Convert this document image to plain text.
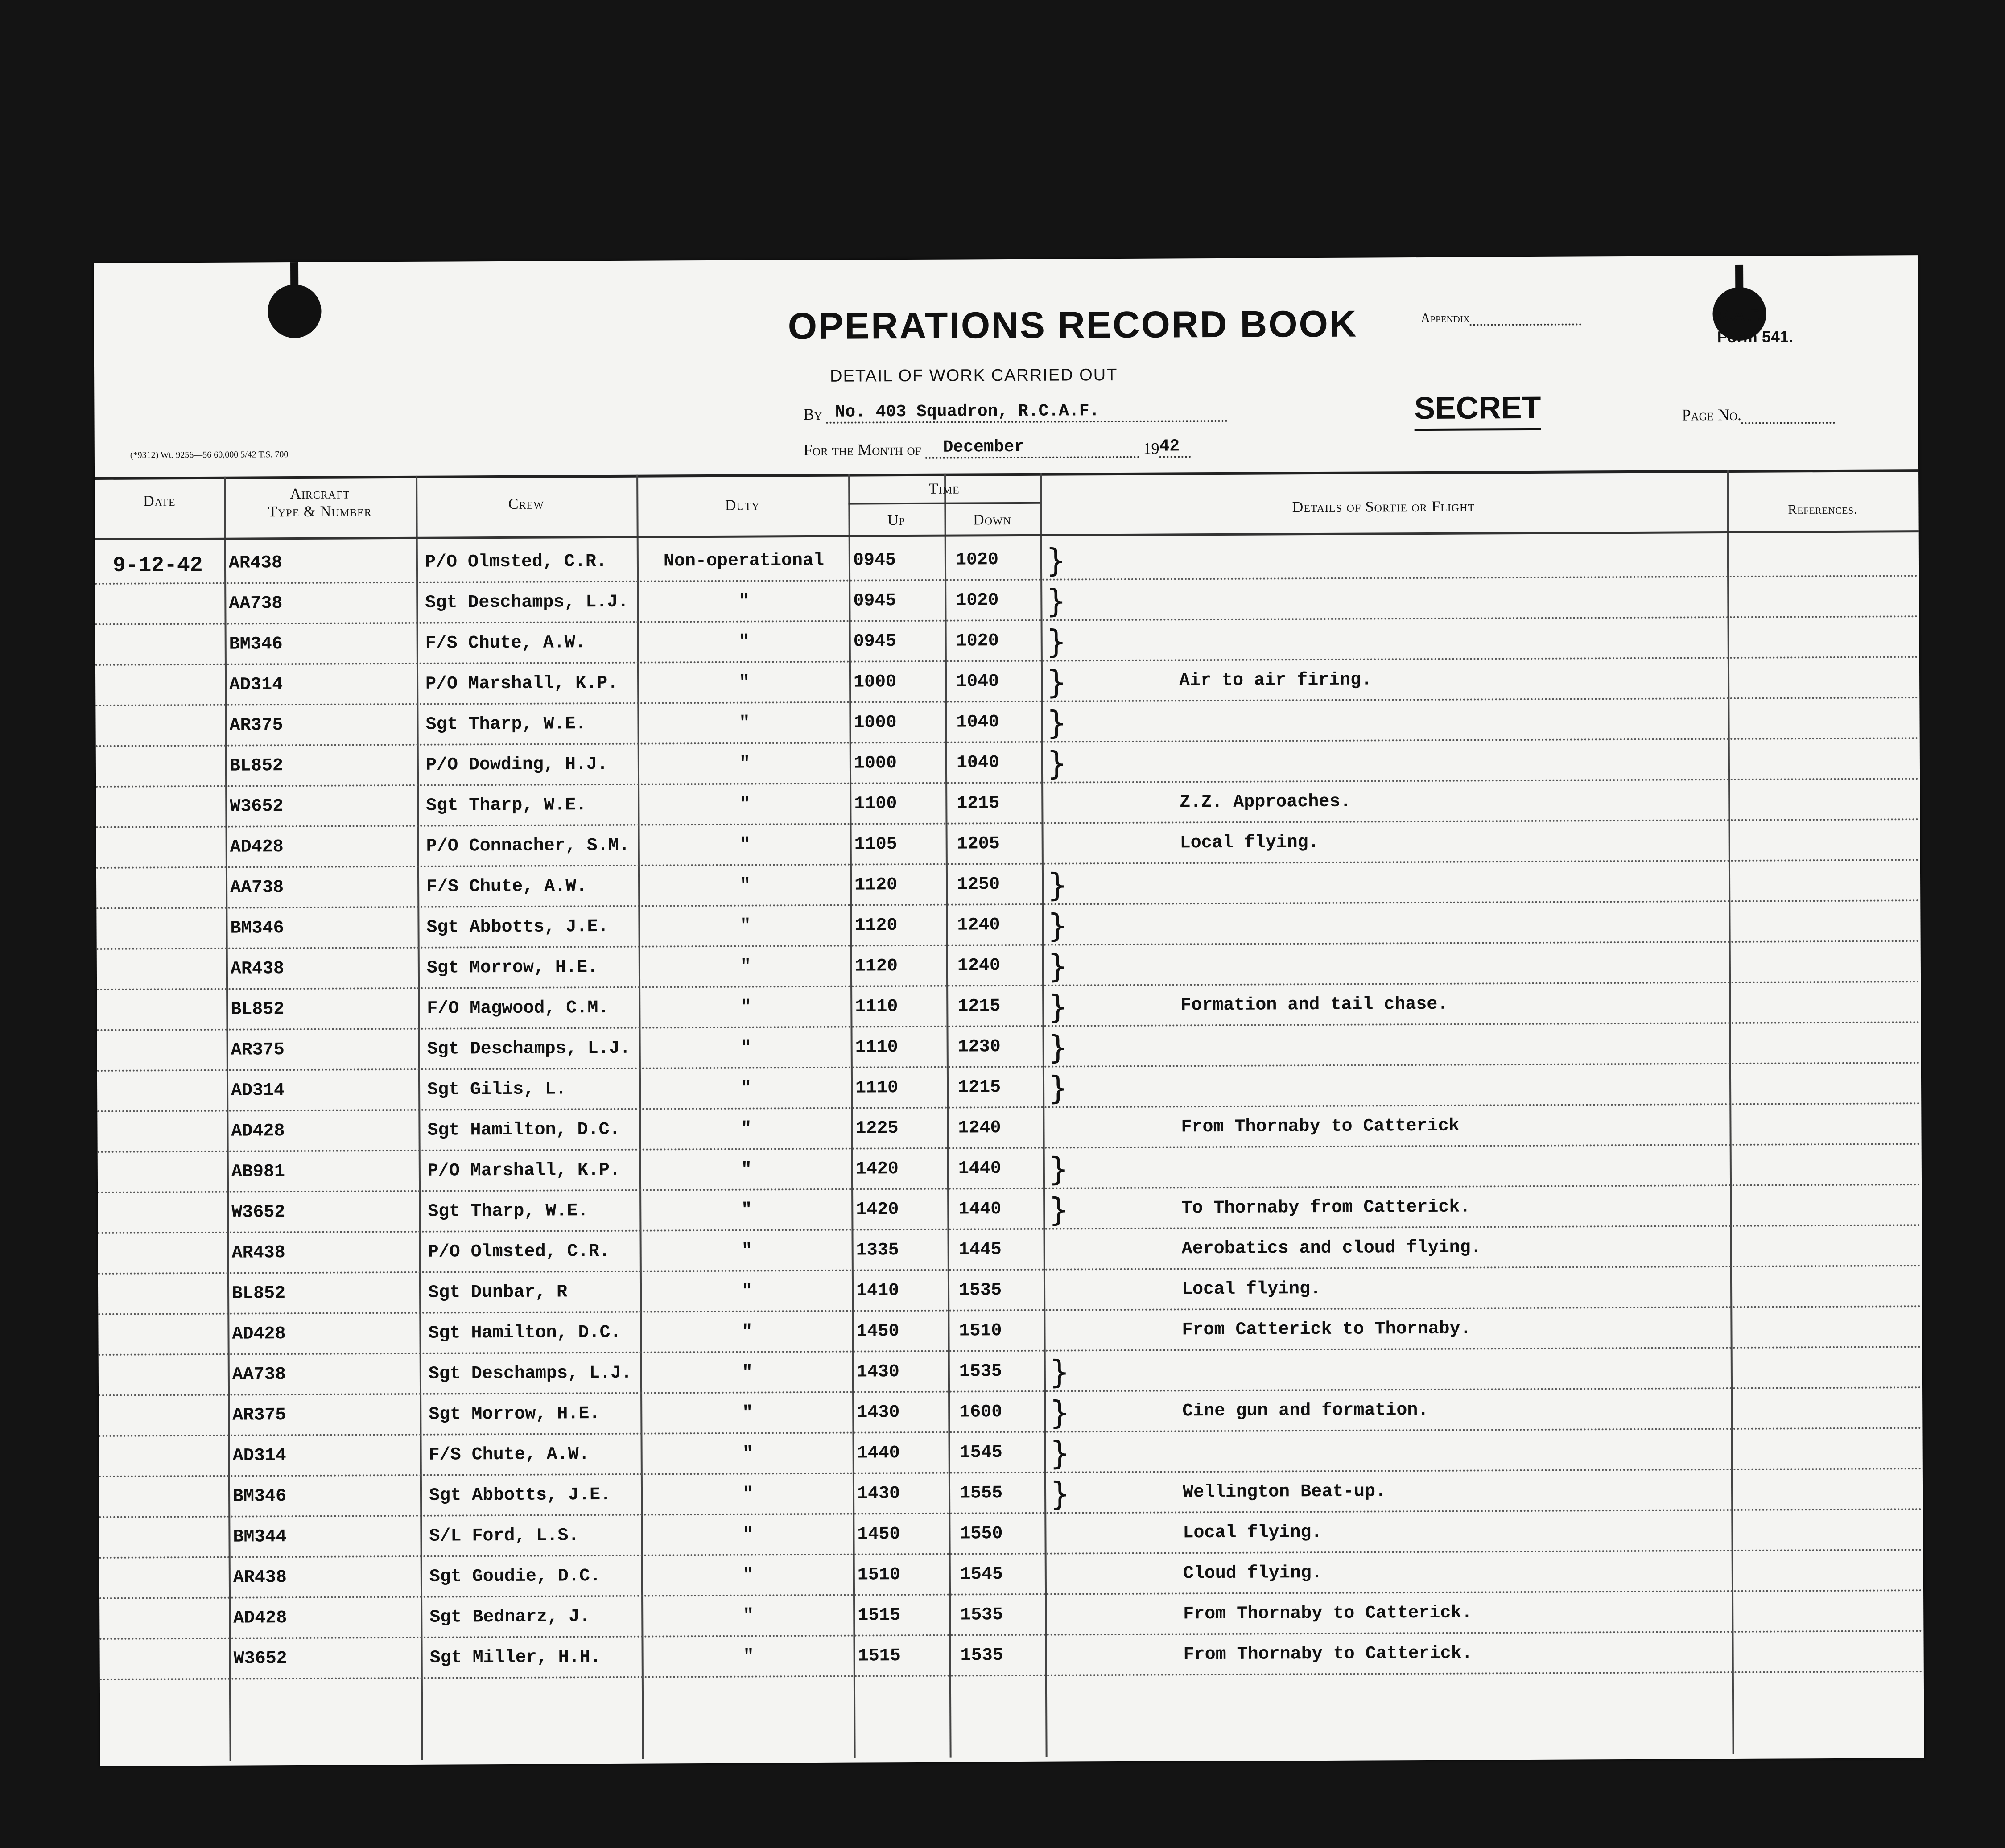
OPERATIONS RECORD BOOK
DETAIL OF WORK CARRIED OUT
By No. 403 Squadron, R.C.A.F.
For the Month of December	1942
Appendix
SECRET	Page No.
R.A.F.
Form 541.
(*9312) Wt. 9256—56 60,000 5/42 T.S. 700
Date	Aircraft
Type & Number	Crew	Duty
Time
Up	Down
Details of Sortie or Flight	References.
9-12-42 AR438	P/O Olmsted, C.R.	Non-operational	0945	1020 }
AA738	Sgt Deschamps, L.J.	"	0945	1020 }
BM346	F/S Chute, A.W.	"	0945	1020 }
AD314	P/O Marshall, K.P.	"	1000	1040	Air to air firing.
}
AR375	Sgt Tharp, W.E.	"	1000	1040 }
BL852	P/O Dowding, H.J.	"	1000	1040 }
W3652	Sgt Tharp, W.E.	"	1100	1215	Z.Z. Approaches.
AD428	P/O Connacher, S.M.	"	1105	1205	Local flying.
AA738	F/S Chute, A.W.	"	1120	1250 }
BM346	Sgt Abbotts, J.E.	"	1120	1240 }
AR438	Sgt Morrow, H.E.	"	1120	1240 }
BL852	F/O Magwood, C.M.	"	1110	1215	Formation and tail chase.
}
AR375	Sgt Deschamps, L.J.	"	1110	1230 }
AD314	Sgt Gilis, L.	"	1110	1215 }
AD428	Sgt Hamilton, D.C.	"	1225	1240	From Thornaby to Catterick
AB981	P/O Marshall, K.P.	"	1420	1440 }
W3652	Sgt Tharp, W.E.	"	1420	1440	To Thornaby from Catterick.
}
AR438	P/O Olmsted, C.R.	"	1335	1445	Aerobatics and cloud flying.
BL852	Sgt Dunbar, R	"	1410	1535	Local flying.
AD428	Sgt Hamilton, D.C.	"	1450	1510	From Catterick to Thornaby.
AA738	Sgt Deschamps, L.J.	"	1430	1535 }
AR375	Sgt Morrow, H.E.	"	1430	1600	Cine gun and formation.
}
AD314	F/S Chute, A.W.	"	1440	1545 }
BM346	Sgt Abbotts, J.E.	"	1430	1555	Wellington Beat-up.
}
BM344	S/L Ford, L.S.	"	1450	1550	Local flying.
AR438	Sgt Goudie, D.C.	"	1510	1545	Cloud flying.
AD428	Sgt Bednarz, J.	"	1515	1535	From Thornaby to Catterick.
W3652	Sgt Miller, H.H.	"	1515	1535	From Thornaby to Catterick.
